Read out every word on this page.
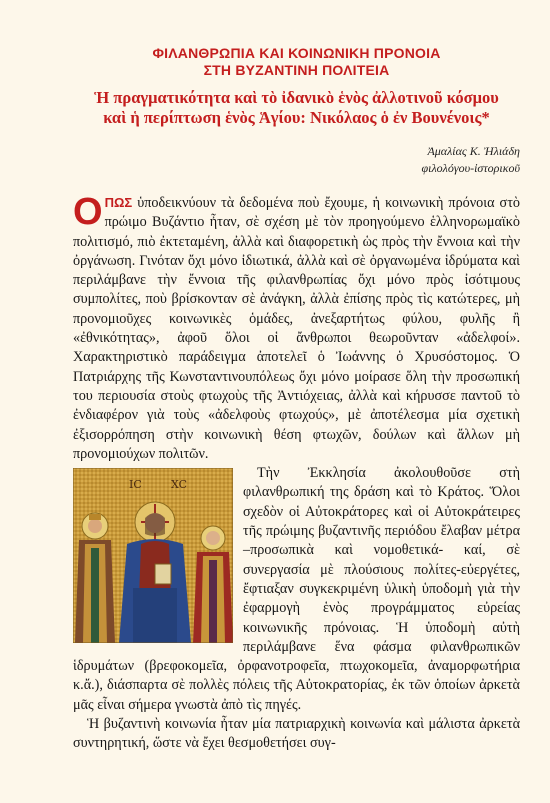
ΦΙΛΑΝΘΡΩΠΙΑ ΚΑΙ ΚΟΙΝΩΝΙΚΗ ΠΡΟΝΟΙΑ
ΣΤΗ ΒΥΖΑΝΤΙΝΗ ΠΟΛΙΤΕΙΑ
Ἡ πραγματικότητα καὶ τὸ ἰδανικὸ ἑνὸς ἀλλοτινοῦ κόσμου
καὶ ἡ περίπτωση ἑνὸς Ἁγίου: Νικόλαος ὁ ἐν Βουνένοις*
Ἀμαλίας Κ. Ἠλιάδη
φιλολόγου-ἱστορικοῦ

ΟΠΩΣ ὑποδεικνύουν τὰ δεδομένα ποὺ ἔχουμε, ἡ κοινωνικὴ πρόνοια στὸ πρώιμο Βυζάντιο ἦταν, σὲ σχέση μὲ τὸν προηγούμενο ἑλληνορωμαϊκὸ πολιτισμό, πιὸ ἐκτεταμένη, ἀλλὰ καὶ διαφορετικὴ ὡς πρὸς τὴν ἔννοια καὶ τὴν ὀργάνωση. Γινόταν ὄχι μόνο ἰδιωτικά, ἀλλὰ καὶ σὲ ὀργανωμένα ἱδρύματα καὶ περιλάμβανε τὴν ἔννοια τῆς φιλανθρωπίας ὄχι μόνο πρὸς ἰσότιμους συμπολίτες, ποὺ βρίσκονταν σὲ ἀνάγκη, ἀλλὰ ἐπίσης πρὸς τὶς κατώτερες, μὴ προνομιοῦχες κοινωνικὲς ὁμάδες, ἀνεξαρτήτως φύλου, φυλῆς ἢ «ἐθνικότητας», ἀφοῦ ὅλοι οἱ ἄνθρωποι θεωροῦνταν «ἀδελφοί». Χαρακτηριστικὸ παράδειγμα ἀποτελεῖ ὁ Ἰωάννης ὁ Χρυσόστομος. Ὁ Πατριάρχης τῆς Κωνσταντινουπόλεως ὄχι μόνο μοίρασε ὅλη τὴν προσωπική του περιουσία στοὺς φτωχοὺς τῆς Ἀντιόχειας, ἀλλὰ καὶ κήρυσσε παντοῦ τὸ ἐνδιαφέρον γιὰ τοὺς «ἀδελφοὺς φτωχούς», μὲ ἀποτέλεσμα μία σχετικὴ ἐξισορρόπηση στὴν κοινωνικὴ θέση φτωχῶν, δούλων καὶ ἄλλων μὴ προνομιούχων πολιτῶν.

IC	XC

Τὴν Ἐκκλησία ἀκολουθοῦσε στὴ φιλανθρωπική της δράση καὶ τὸ Κράτος. Ὅλοι σχεδὸν οἱ Αὐτοκράτορες καὶ οἱ Αὐτοκράτειρες τῆς πρώιμης βυζαντινῆς περιόδου ἔλαβαν μέτρα –προσωπικὰ καὶ νομοθετικά- καί, σὲ συνεργασία μὲ πλούσιους πολίτες-εὐεργέτες, ἔφτιαξαν συγκεκριμένη ὑλικὴ ὑποδομὴ γιὰ τὴν ἐφαρμογὴ ἑνὸς προγράμματος εὐρείας κοινωνικῆς πρόνοιας. Ἡ ὑποδομὴ αὐτὴ περιλάμβανε ἕνα φάσμα φιλανθρωπικῶν ἱδρυμάτων (βρεφοκομεῖα, ὀρφανοτροφεῖα, πτωχοκομεῖα, ἀναμορφωτήρια κ.ἄ.), διάσπαρτα σὲ πολλὲς πόλεις τῆς Αὐτοκρατορίας, ἐκ τῶν ὁποίων ἀρκετὰ μᾶς εἶναι σήμερα γνωστὰ ἀπὸ τὶς πηγές.

Ἡ βυζαντινὴ κοινωνία ἦταν μία πατριαρχικὴ κοινωνία καὶ μάλιστα ἀρκετὰ συντηρητική, ὥστε νὰ ἔχει θεσμοθετήσει συγ-
